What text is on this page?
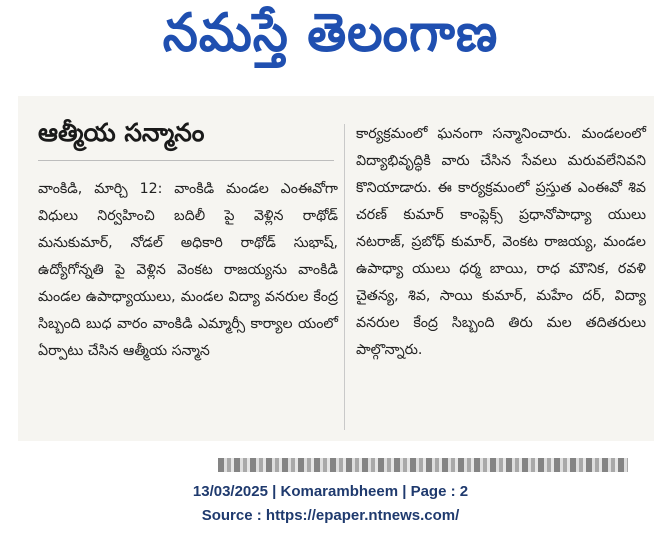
నమస్తే తెలంగాణ
ఆత్మీయ సన్మానం

వాంకిడి, మార్చి 12: వాంకిడి మండల ఎంఈవోగా విధులు నిర్వహించి బదిలీ పై వెళ్లిన రాథోడ్ మనుకుమార్, నోడల్ అధికారి రాథోడ్ సుభాష్, ఉద్యోగోన్నతి పై వెళ్లిన వెంకట రాజయ్యను వాంకిడి మండల ఉపాధ్యాయులు, మండల విద్యా వనరుల కేంద్ర సిబ్బంది బుధ వారం వాంకిడి ఎమ్మార్సీ కార్యాల యంలో ఏర్పాటు చేసిన ఆత్మీయ సన్మాన

కార్యక్రమంలో ఘనంగా సన్మానించారు. మండలంలో విద్యాభివృద్ధికి వారు చేసిన సేవలు మరువలేనివని కొనియాడారు. ఈ కార్యక్రమంలో ప్రస్తుత ఎంఈవో శివ చరణ్ కుమార్ కాంప్లెక్స్ ప్రధానోపాధ్యా యులు నటరాజ్, ప్రబోధ్ కుమార్, వెంకట రాజయ్య, మండల ఉపాధ్యా యులు ధర్మ బాయి, రాధ మౌనిక, రవళి చైతన్య, శివ, సాయి కుమార్, మహేం దర్, విద్యా వనరుల కేంద్ర సిబ్బంది తిరు మల తదితరులు పాల్గొన్నారు.

13/03/2025 | Komarambheem | Page : 2
Source : https://epaper.ntnews.com/
